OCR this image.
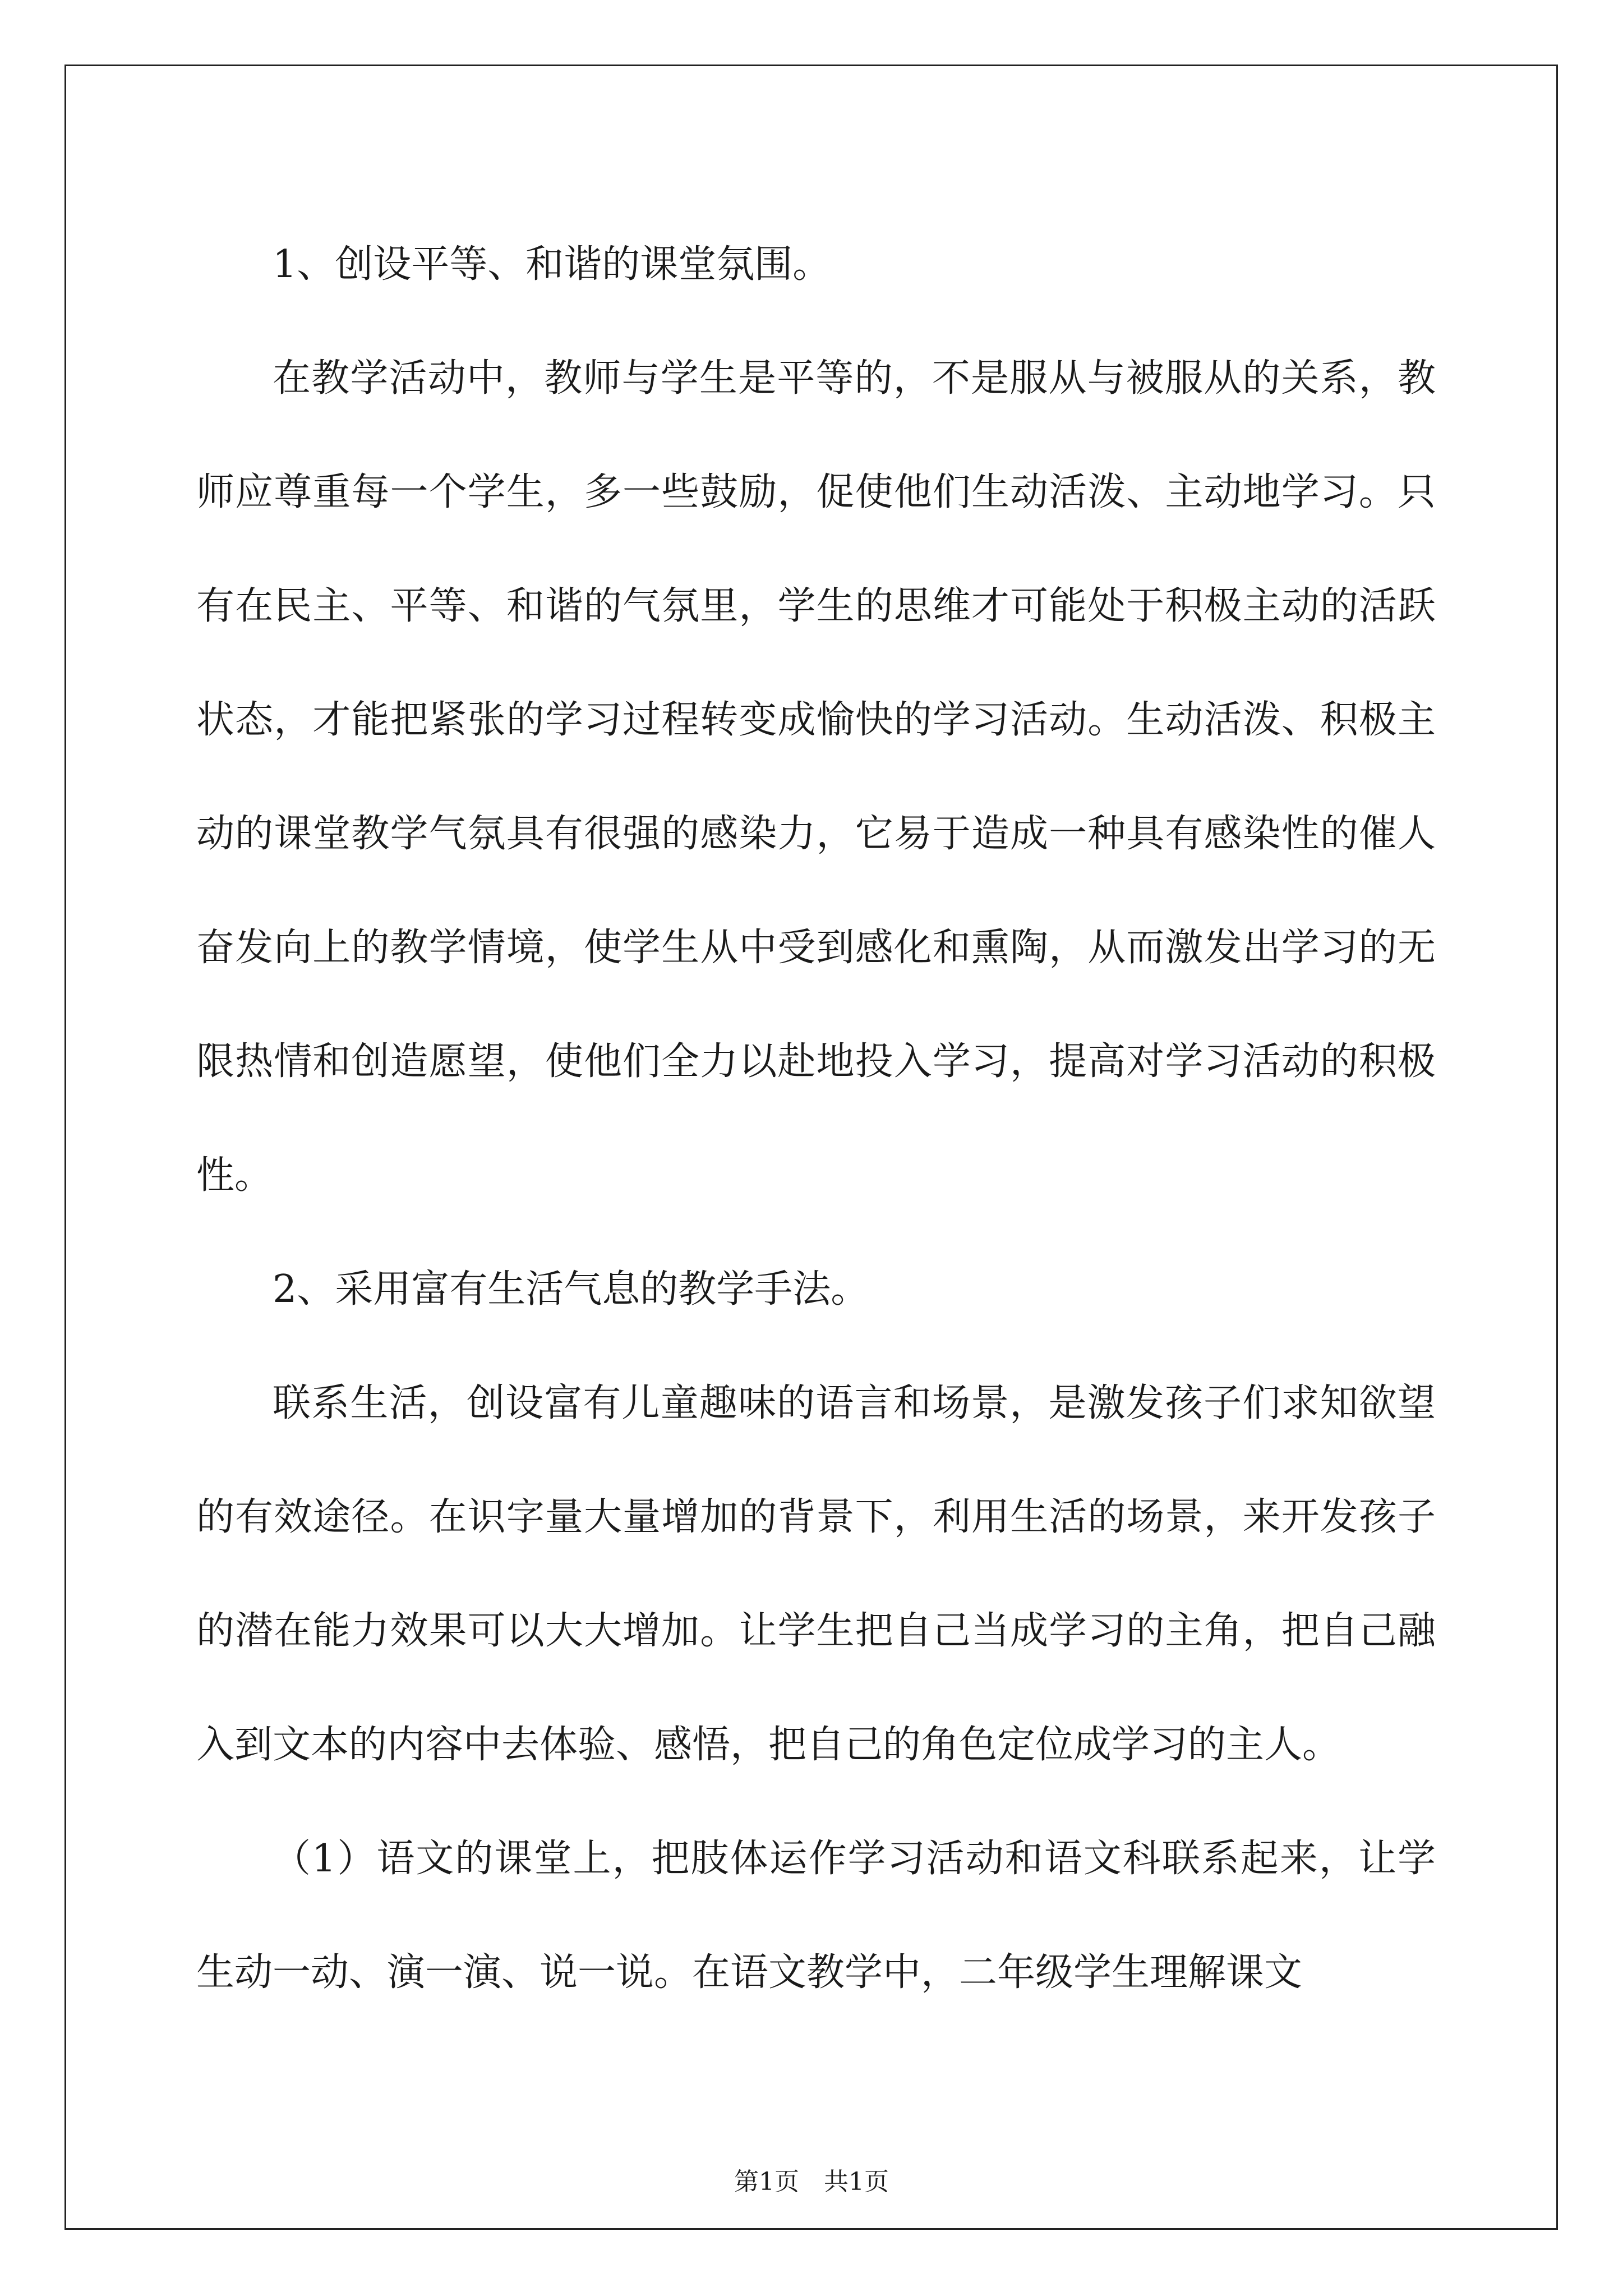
1、创设平等、和谐的课堂氛围。

在教学活动中，教师与学生是平等的，不是服从与被服从的关系，教师应尊重每一个学生，多一些鼓励，促使他们生动活泼、主动地学习。只有在民主、平等、和谐的气氛里，学生的思维才可能处于积极主动的活跃状态，才能把紧张的学习过程转变成愉快的学习活动。生动活泼、积极主动的课堂教学气氛具有很强的感染力，它易于造成一种具有感染性的催人奋发向上的教学情境，使学生从中受到感化和熏陶，从而激发出学习的无限热情和创造愿望，使他们全力以赴地投入学习，提高对学习活动的积极性。

2、采用富有生活气息的教学手法。

联系生活，创设富有儿童趣味的语言和场景，是激发孩子们求知欲望的有效途径。在识字量大量增加的背景下，利用生活的场景，来开发孩子的潜在能力效果可以大大增加。让学生把自己当成学习的主角，把自己融入到文本的内容中去体验、感悟，把自己的角色定位成学习的主人。

（1）语文的课堂上，把肢体运作学习活动和语文科联系起来，让学生动一动、演一演、说一说。在语文教学中，二年级学生理解课文

第1页 共1页
